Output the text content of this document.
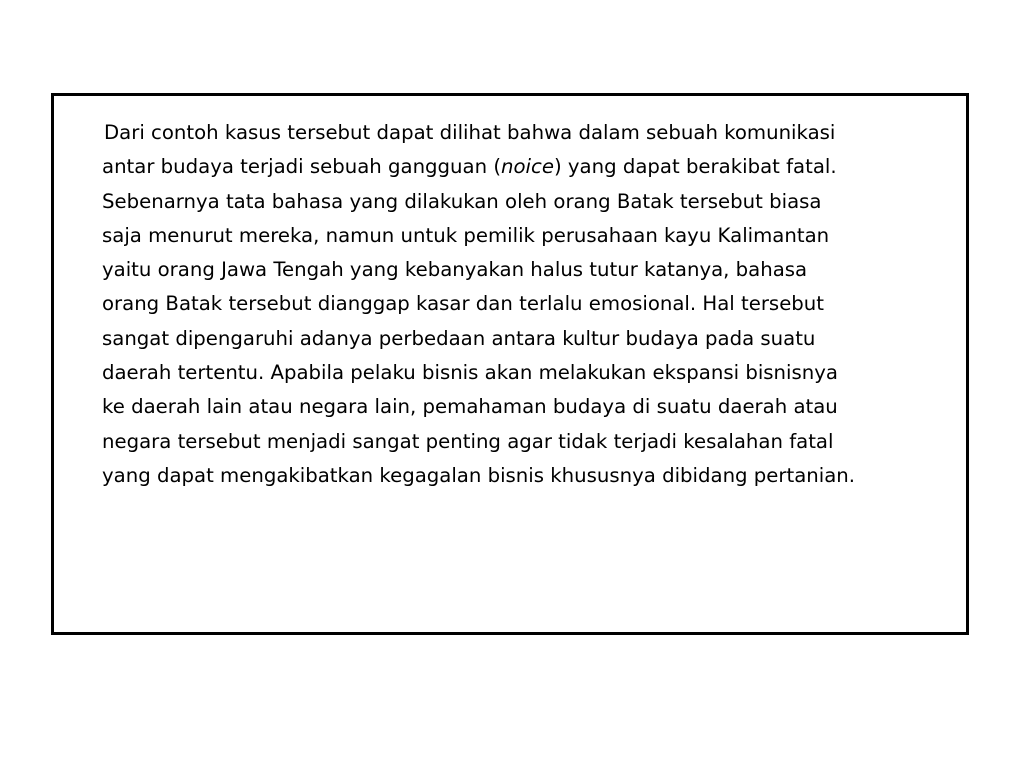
Dari contoh kasus tersebut dapat dilihat bahwa dalam sebuah komunikasi
antar budaya terjadi sebuah gangguan (noice) yang dapat berakibat fatal.
Sebenarnya tata bahasa yang dilakukan oleh orang Batak tersebut biasa
saja menurut mereka, namun untuk pemilik perusahaan kayu Kalimantan
yaitu orang Jawa Tengah yang kebanyakan halus tutur katanya, bahasa
orang Batak tersebut dianggap kasar dan terlalu emosional. Hal tersebut
sangat dipengaruhi adanya perbedaan antara kultur budaya pada suatu
daerah tertentu. Apabila pelaku bisnis akan melakukan ekspansi bisnisnya
ke daerah lain atau negara lain, pemahaman budaya di suatu daerah atau
negara tersebut menjadi sangat penting agar tidak terjadi kesalahan fatal
yang dapat mengakibatkan kegagalan bisnis khususnya dibidang pertanian.
